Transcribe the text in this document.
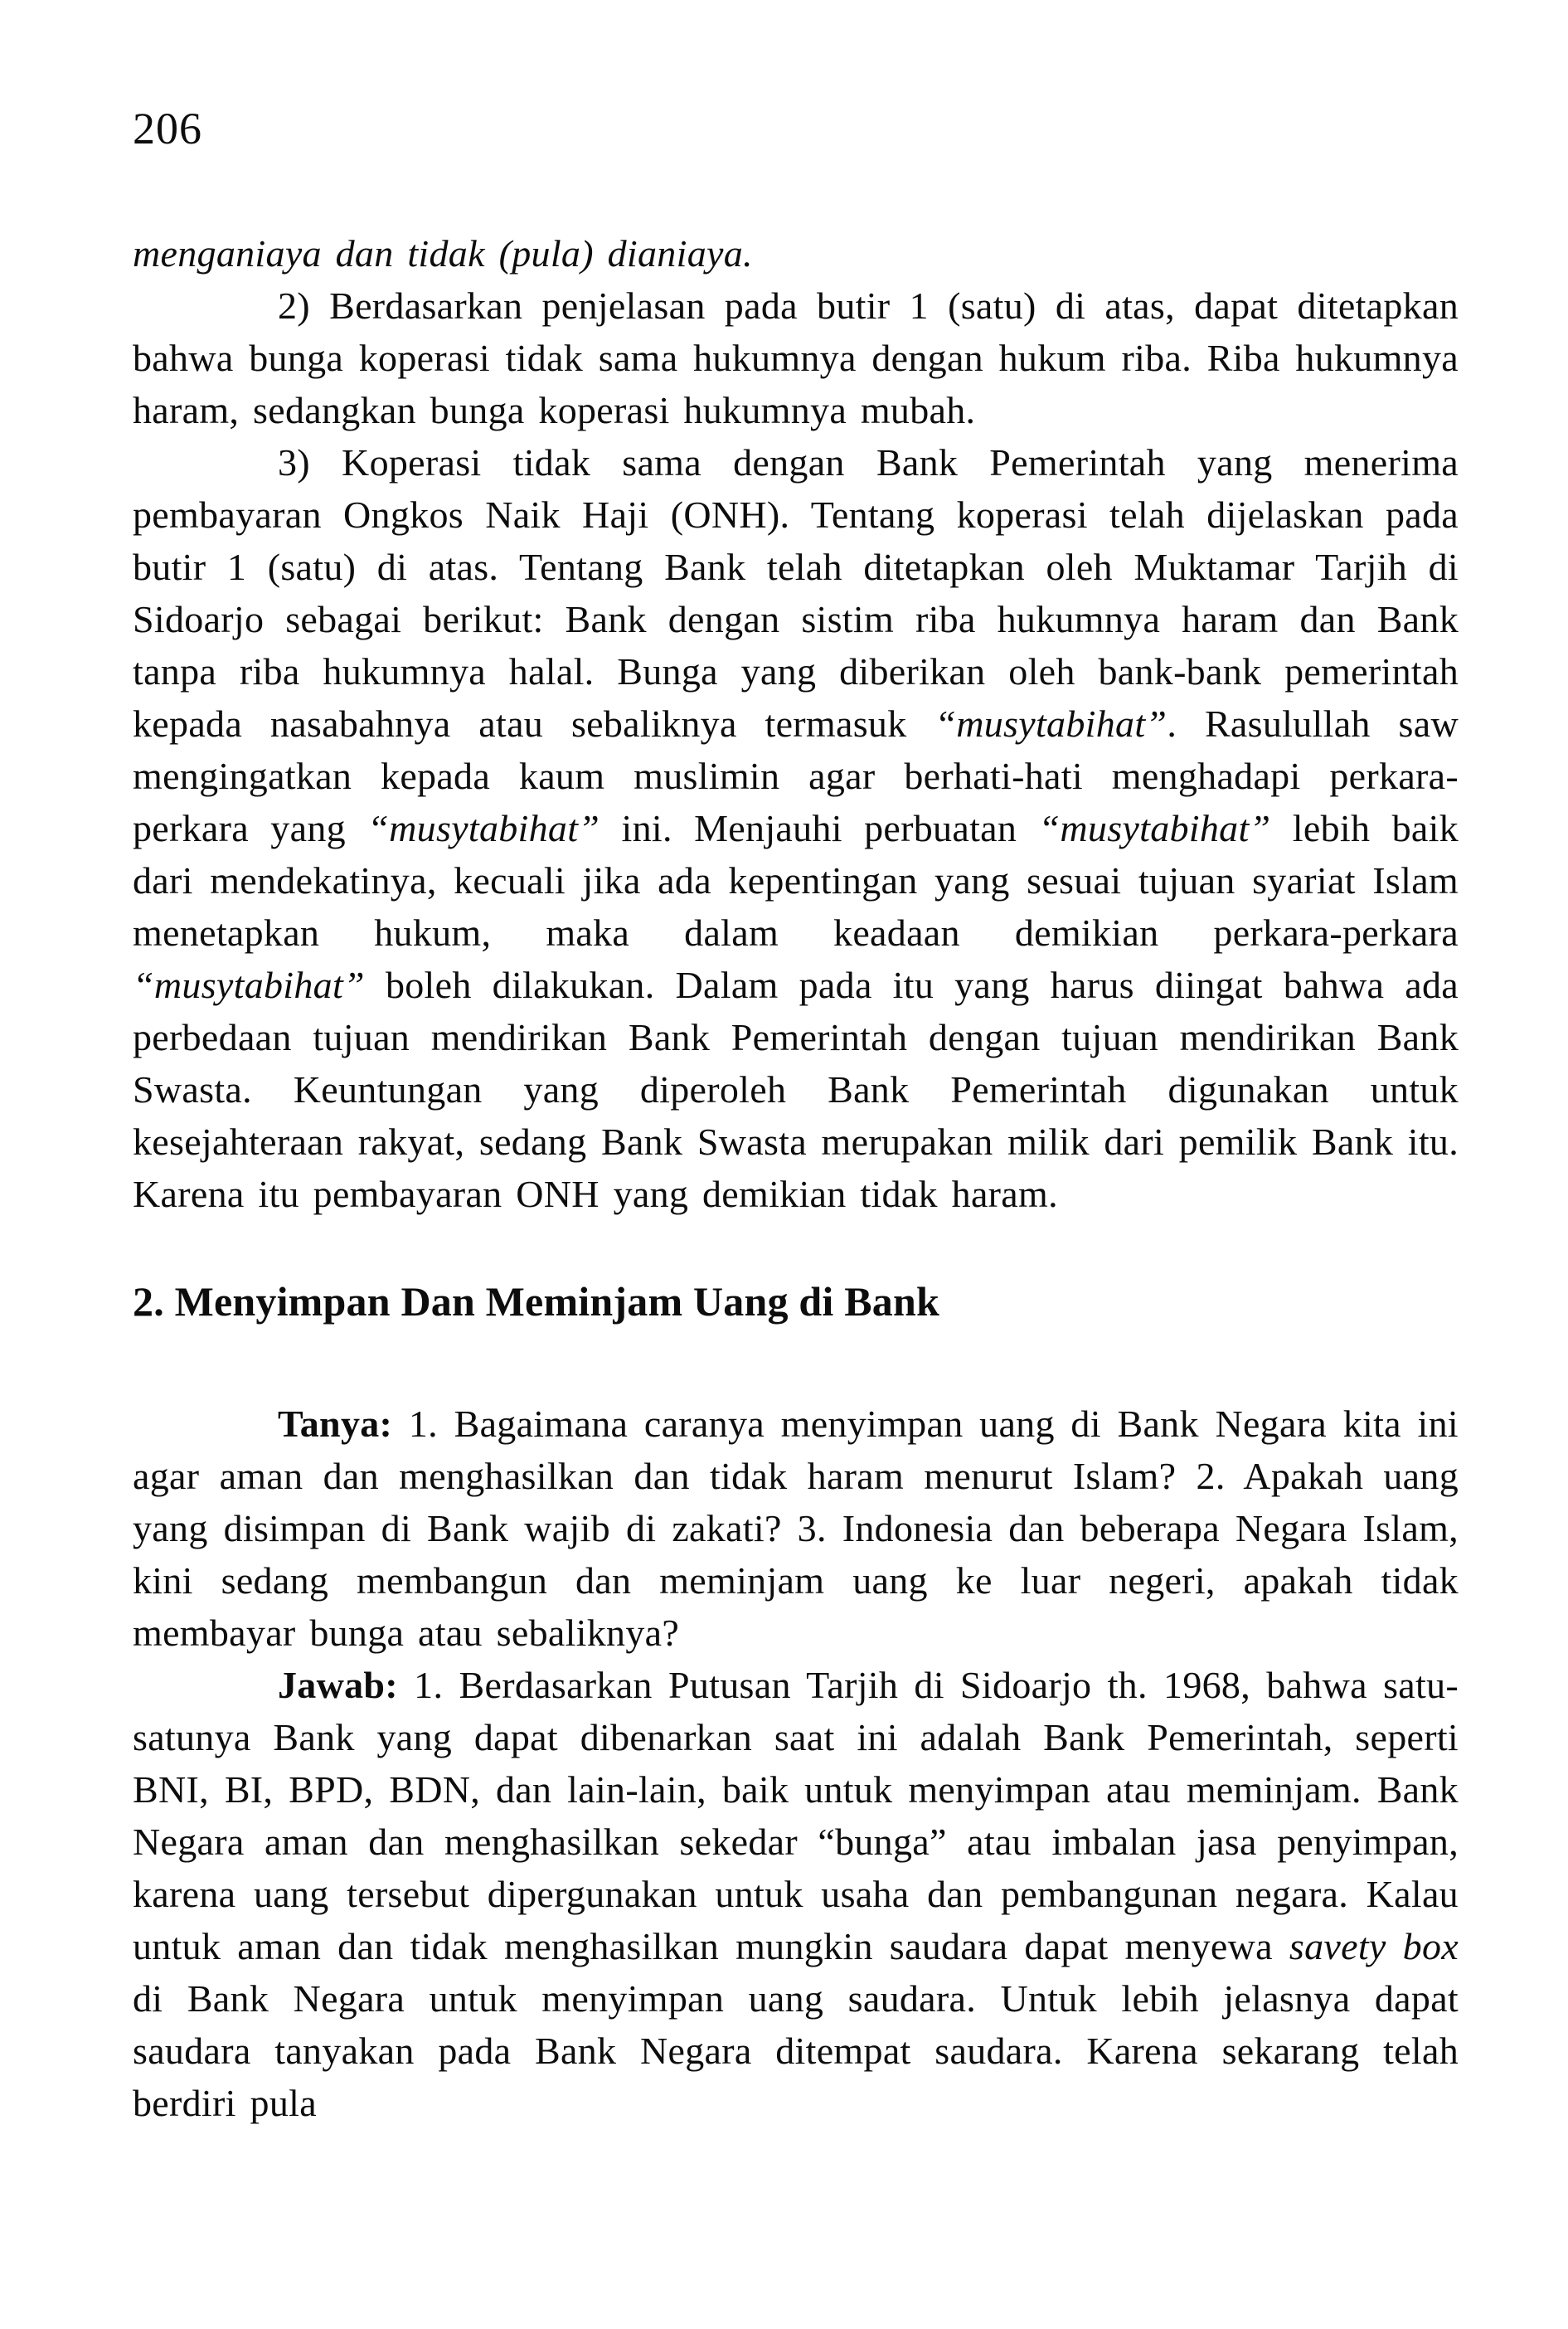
206

menganiaya dan tidak (pula) dianiaya.

2) Berdasarkan penjelasan pada butir 1 (satu) di atas, dapat ditetapkan bahwa bunga koperasi tidak sama hukumnya dengan hukum riba. Riba hukumnya haram, sedangkan bunga koperasi hukumnya mubah.

3) Koperasi tidak sama dengan Bank Pemerintah yang menerima pembayaran Ongkos Naik Haji (ONH). Tentang koperasi telah dijelaskan pada butir 1 (satu) di atas. Tentang Bank telah ditetapkan oleh Muktamar Tarjih di Sidoarjo sebagai berikut: Bank dengan sistim riba hukumnya haram dan Bank tanpa riba hukumnya halal. Bunga yang diberikan oleh bank-bank pemerintah kepada nasabahnya atau sebaliknya termasuk “musytabihat”. Rasulullah saw mengingatkan kepada kaum muslimin agar berhati-hati menghadapi perkara-perkara yang “musytabihat” ini. Menjauhi perbuatan “musytabihat” lebih baik dari mendekatinya, kecuali jika ada kepentingan yang sesuai tujuan syariat Islam menetapkan hukum, maka dalam keadaan demikian perkara-perkara “musytabihat” boleh dilakukan. Dalam pada itu yang harus diingat bahwa ada perbedaan tujuan mendirikan Bank Pemerintah dengan tujuan mendirikan Bank Swasta. Keuntungan yang diperoleh Bank Pemerintah digunakan untuk kesejahteraan rakyat, sedang Bank Swasta merupakan milik dari pemilik Bank itu. Karena itu pembayaran ONH yang demikian tidak haram.

2. Menyimpan Dan Meminjam Uang di Bank

Tanya: 1. Bagaimana caranya menyimpan uang di Bank Negara kita ini agar aman dan menghasilkan dan tidak haram menurut Islam? 2. Apakah uang yang disimpan di Bank wajib di zakati? 3. Indonesia dan beberapa Negara Islam, kini sedang membangun dan meminjam uang ke luar negeri, apakah tidak membayar bunga atau sebaliknya?

Jawab: 1. Berdasarkan Putusan Tarjih di Sidoarjo th. 1968, bahwa satu-satunya Bank yang dapat dibenarkan saat ini adalah Bank Pemerintah, seperti BNI, BI, BPD, BDN, dan lain-lain, baik untuk menyimpan atau meminjam. Bank Negara aman dan menghasilkan sekedar “bunga” atau imbalan jasa penyimpan, karena uang tersebut dipergunakan untuk usaha dan pembangunan negara. Kalau untuk aman dan tidak menghasilkan mungkin saudara dapat menyewa savety box di Bank Negara untuk menyimpan uang saudara. Untuk lebih jelasnya dapat saudara tanyakan pada Bank Negara ditempat saudara. Karena sekarang telah berdiri pula
